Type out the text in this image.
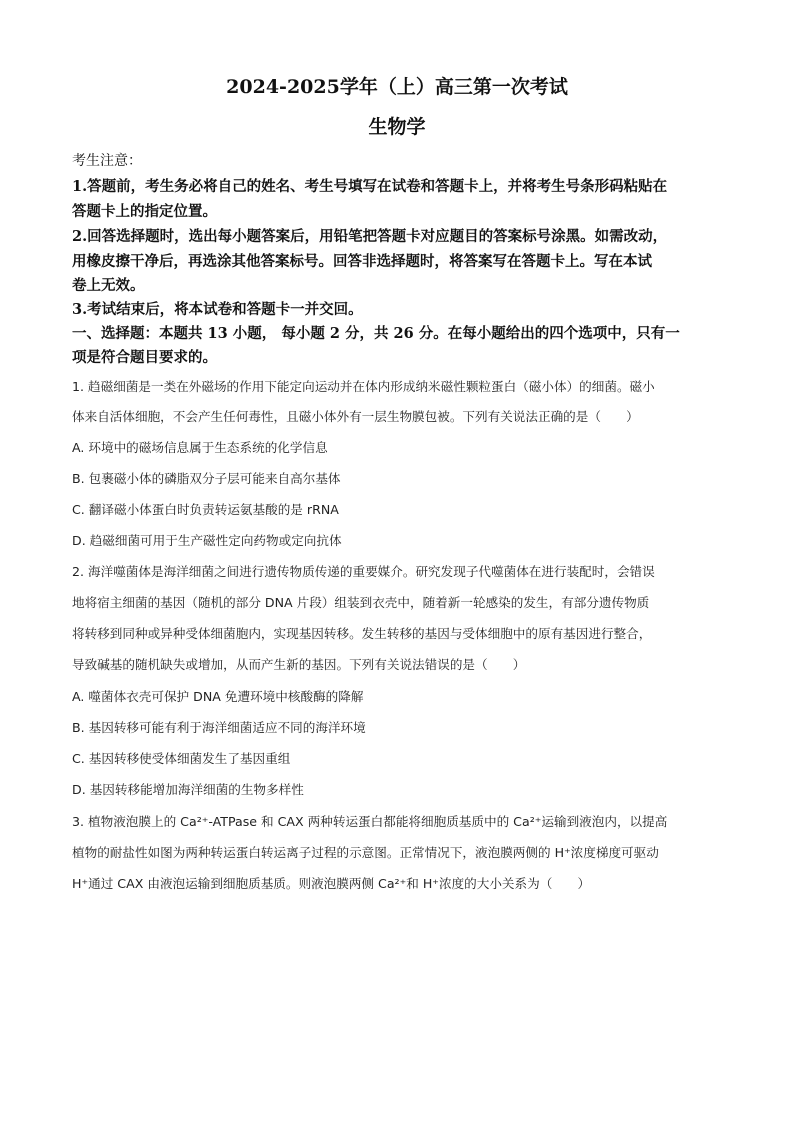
2024-2025学年（上）高三第一次考试
生物学
考生注意：
1.答题前，考生务必将自己的姓名、考生号填写在试卷和答题卡上，并将考生号条形码粘贴在
答题卡上的指定位置。
2.回答选择题时，选出每小题答案后，用铅笔把答题卡对应题目的答案标号涂黑。如需改动，
用橡皮擦干净后，再选涂其他答案标号。回答非选择题时，将答案写在答题卡上。写在本试
卷上无效。
3.考试结束后，将本试卷和答题卡一并交回。
一、选择题：本题共 13 小题， 每小题 2 分，共 26 分。在每小题给出的四个选项中，只有一
项是符合题目要求的。
1. 趋磁细菌是一类在外磁场的作用下能定向运动并在体内形成纳米磁性颗粒蛋白（磁小体）的细菌。磁小
体来自活体细胞，不会产生任何毒性，且磁小体外有一层生物膜包被。下列有关说法正确的是（　　）
A. 环境中的磁场信息属于生态系统的化学信息
B. 包裹磁小体的磷脂双分子层可能来自高尔基体
C. 翻译磁小体蛋白时负责转运氨基酸的是 rRNA
D. 趋磁细菌可用于生产磁性定向药物或定向抗体
2. 海洋噬菌体是海洋细菌之间进行遗传物质传递的重要媒介。研究发现子代噬菌体在进行装配时，会错误
地将宿主细菌的基因（随机的部分 DNA 片段）组装到衣壳中，随着新一轮感染的发生，有部分遗传物质
将转移到同种或异种受体细菌胞内，实现基因转移。发生转移的基因与受体细胞中的原有基因进行整合，
导致碱基的随机缺失或增加，从而产生新的基因。下列有关说法错误的是（　　）
A. 噬菌体衣壳可保护 DNA 免遭环境中核酸酶的降解
B. 基因转移可能有利于海洋细菌适应不同的海洋环境
C. 基因转移使受体细菌发生了基因重组
D. 基因转移能增加海洋细菌的生物多样性
3. 植物液泡膜上的 Ca²⁺-ATPase 和 CAX 两种转运蛋白都能将细胞质基质中的 Ca²⁺运输到液泡内，以提高
植物的耐盐性如图为两种转运蛋白转运离子过程的示意图。正常情况下，液泡膜两侧的 H⁺浓度梯度可驱动
H⁺通过 CAX 由液泡运输到细胞质基质。则液泡膜两侧 Ca²⁺和 H⁺浓度的大小关系为（　　）
